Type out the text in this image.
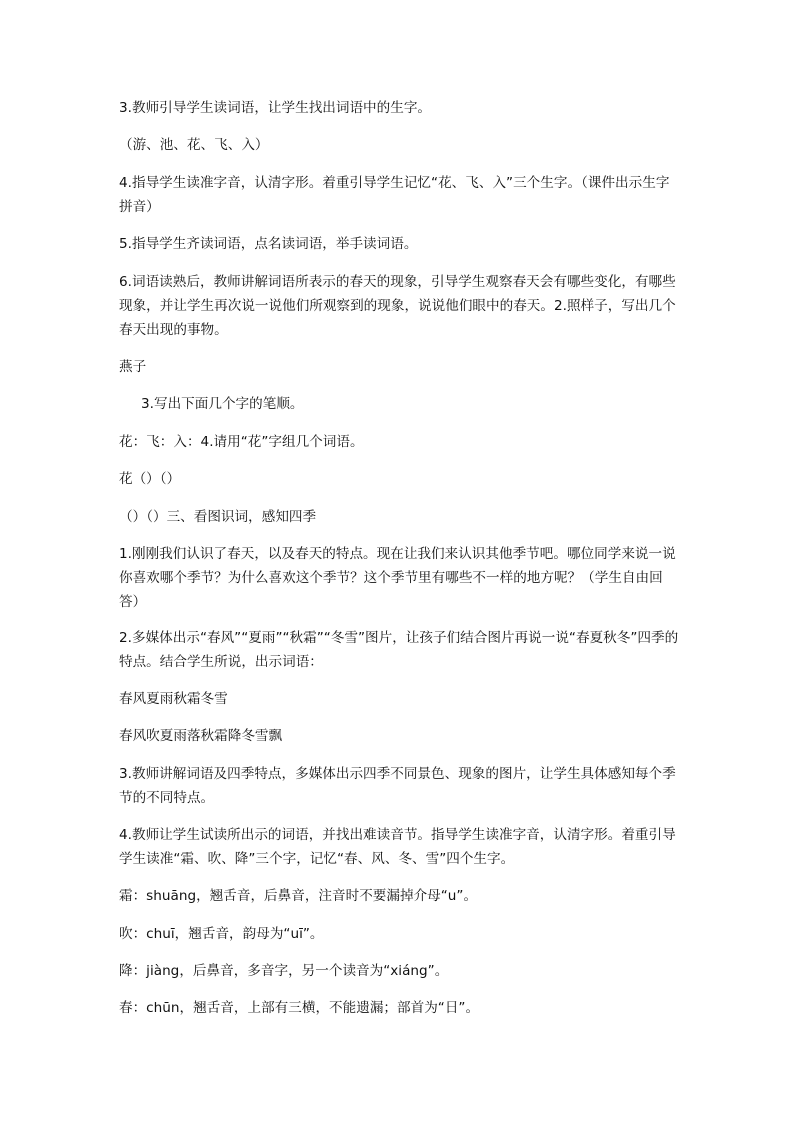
3.教师引导学生读词语，让学生找出词语中的生字。

（游、池、花、飞、入）

4.指导学生读准字音，认清字形。着重引导学生记忆“花、飞、入”三个生字。（课件出示生字拼音）

5.指导学生齐读词语，点名读词语，举手读词语。

6.词语读熟后，教师讲解词语所表示的春天的现象，引导学生观察春天会有哪些变化，有哪些现象，并让学生再次说一说他们所观察到的现象，说说他们眼中的春天。2.照样子，写出几个春天出现的事物。

燕子

3.写出下面几个字的笔顺。

花：飞：入：4.请用“花”字组几个词语。

花（）（）

（）（）三、看图识词，感知四季

1.刚刚我们认识了春天，以及春天的特点。现在让我们来认识其他季节吧。哪位同学来说一说你喜欢哪个季节？为什么喜欢这个季节？这个季节里有哪些不一样的地方呢？（学生自由回答）

2.多媒体出示“春风”“夏雨”“秋霜”“冬雪”图片，让孩子们结合图片再说一说“春夏秋冬”四季的特点。结合学生所说，出示词语：

春风夏雨秋霜冬雪

春风吹夏雨落秋霜降冬雪飘

3.教师讲解词语及四季特点，多媒体出示四季不同景色、现象的图片，让学生具体感知每个季节的不同特点。

4.教师让学生试读所出示的词语，并找出难读音节。指导学生读准字音，认清字形。着重引导学生读准“霜、吹、降”三个字，记忆“春、风、冬、雪”四个生字。

霜：shuāng，翘舌音，后鼻音，注音时不要漏掉介母“u”。

吹：chuī，翘舌音，韵母为“uī”。

降：jiàng，后鼻音，多音字，另一个读音为“xiáng”。

春：chūn，翘舌音，上部有三横，不能遗漏；部首为“日”。
